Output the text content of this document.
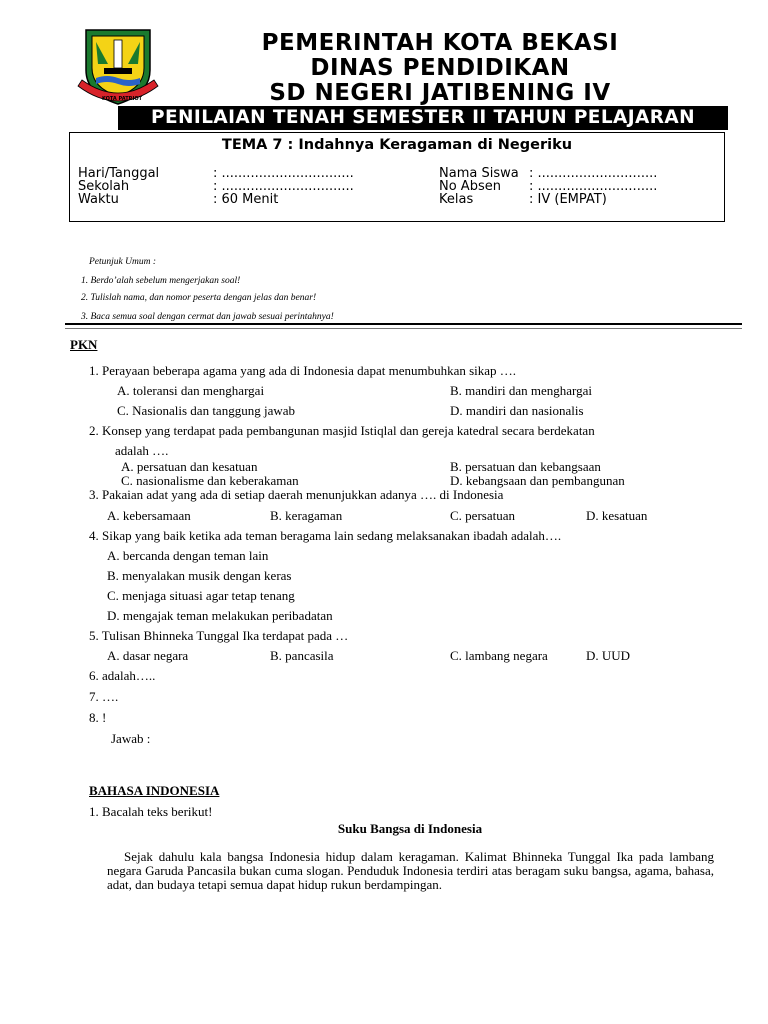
KOTA PATRIOT
PEMERINTAH KOTA BEKASI
DINAS PENDIDIKAN
SD NEGERI JATIBENING IV
PENILAIAN TENAH SEMESTER II TAHUN PELAJARAN
TEMA 7 : Indahnya Keragaman di Negeriku
Hari/Tanggal	: ................................
Sekolah	: ................................
Waktu	: 60 Menit
Nama Siswa : .............................
No Absen : .............................
Kelas	: IV (EMPAT)
Petunjuk Umum :
1. Berdo’alah sebelum mengerjakan soal!
2. Tulislah nama, dan nomor peserta dengan jelas dan benar!
3. Baca semua soal dengan cermat dan jawab sesuai perintahnya!
PKN
1. Perayaan beberapa agama yang ada di Indonesia dapat menumbuhkan sikap ….
A. toleransi dan menghargai	B. mandiri dan menghargai
C. Nasionalis dan tanggung jawab	D. mandiri dan nasionalis
2. Konsep yang terdapat pada pembangunan masjid Istiqlal dan gereja katedral secara berdekatan
adalah ….
A. persatuan dan kesatuan	B. persatuan dan kebangsaan
C. nasionalisme dan keberakaman	D. kebangsaan dan pembangunan
3. Pakaian adat yang ada di setiap daerah menunjukkan adanya …. di Indonesia
A. kebersamaan	B. keragaman	C. persatuan	D. kesatuan
4. Sikap yang baik ketika ada teman beragama lain sedang melaksanakan ibadah adalah….
A. bercanda dengan teman lain
B. menyalakan musik dengan keras
C. menjaga situasi agar tetap tenang
D. mengajak teman melakukan peribadatan
5. Tulisan Bhinneka Tunggal Ika terdapat pada …
A. dasar negara	B. pancasila	C. lambang negara	D. UUD
6. adalah…..
7. ….
8. !
Jawab :
BAHASA INDONESIA
1. Bacalah teks berikut!
Suku Bangsa di Indonesia
Sejak dahulu kala bangsa Indonesia hidup dalam keragaman. Kalimat Bhinneka Tunggal Ika pada lambang negara Garuda Pancasila bukan cuma slogan. Penduduk Indonesia terdiri atas beragam suku bangsa, agama, bahasa, adat, dan budaya tetapi semua dapat hidup rukun berdampingan.
